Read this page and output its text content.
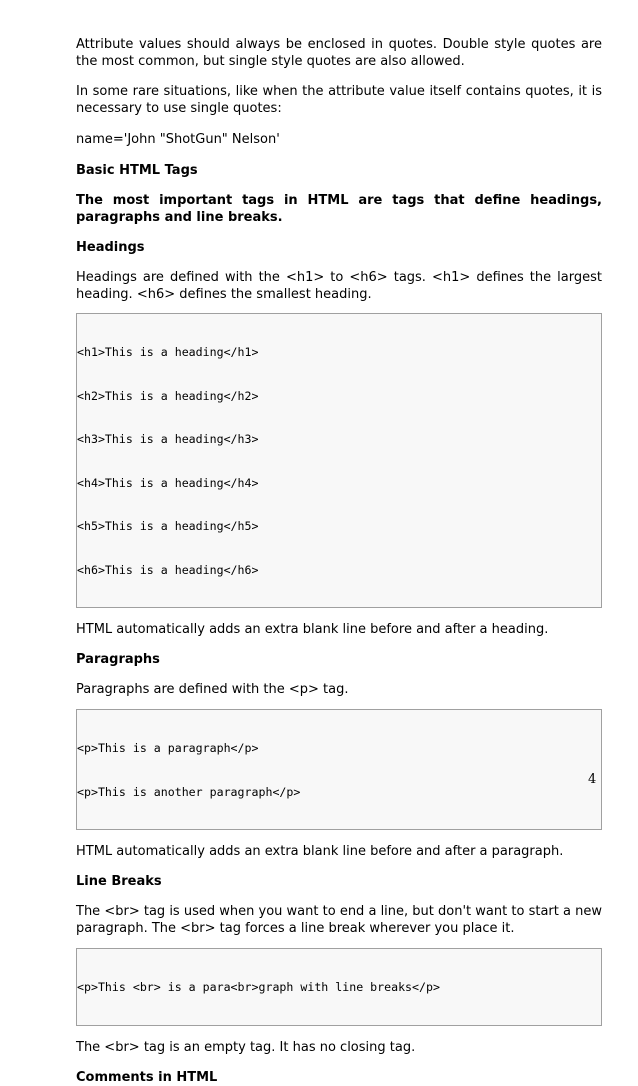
Attribute values should always be enclosed in quotes. Double style quotes are the most common, but single style quotes are also allowed.

In some rare situations, like when the attribute value itself contains quotes, it is necessary to use single quotes:

name='John "ShotGun" Nelson'

Basic HTML Tags

The most important tags in HTML are tags that define headings, paragraphs and line breaks.

Headings

Headings are defined with the <h1> to <h6> tags. <h1> defines the largest heading. <h6> defines the smallest heading.

<h1>This is a heading</h1>

<h2>This is a heading</h2>

<h3>This is a heading</h3>

<h4>This is a heading</h4>

<h5>This is a heading</h5>

<h6>This is a heading</h6>

HTML automatically adds an extra blank line before and after a heading.

Paragraphs

Paragraphs are defined with the <p> tag.

<p>This is a paragraph</p>

<p>This is another paragraph</p>

HTML automatically adds an extra blank line before and after a paragraph.

Line Breaks

The <br> tag is used when you want to end a line, but don't want to start a new paragraph. The <br> tag forces a line break wherever you place it.

<p>This <br> is a para<br>graph with line breaks</p>

The <br> tag is an empty tag. It has no closing tag.

Comments in HTML

4
